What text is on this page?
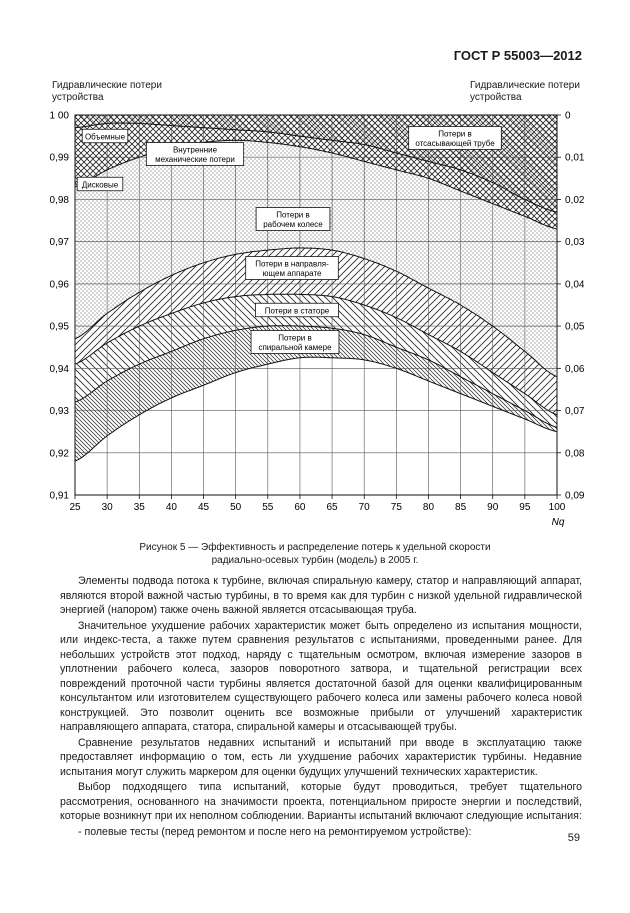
ГОСТ Р 55003—2012
Гидравлические потери
устройства
Гидравлические потери
устройства
0,91
0,92
0,93
0,94
0,95
0,96
0,97
0,98
0,99
1 00
0,09
0,08
0,07
0,06
0,05
0,04
0,03
0,02
0,01
0
25 30 35 40 45 50 55 60 65 70 75 80 85 90 95 100
Nq
Объемные
Внутренние
механические потери
Дисковые
Потери в
отсасывающей трубе
Потери в
рабочем колесе
Потери в направля-
ющем аппарате
Потери в статоре
Потери в
спиральной камере
Рисунок 5 — Эффективность и распределение потерь к удельной скорости
радиально-осевых турбин (модель) в 2005 г.

Элементы подвода потока к турбине, включая спиральную камеру, статор и направляющий аппарат, являются второй важной частью турбины, в то время как для турбин с низкой удельной гидравлической энергией (напором) также очень важной является отсасывающая труба.

Значительное ухудшение рабочих характеристик может быть определено из испытания мощности, или индекс-теста, а также путем сравнения результатов с испытаниями, проведенными ранее. Для небольших устройств этот подход, наряду с тщательным осмотром, включая измерение зазоров в уплотнении рабочего колеса, зазоров поворотного затвора, и тщательной регистрации всех повреждений проточной части турбины является достаточной базой для оценки квалифицированным консультантом или изготовителем существующего рабочего колеса или замены рабочего колеса новой конструкцией. Это позволит оценить все возможные прибыли от улучшений характеристик направляющего аппарата, статора, спиральной камеры и отсасывающей трубы.

Сравнение результатов недавних испытаний и испытаний при вводе в эксплуатацию также предоставляет информацию о том, есть ли ухудшение рабочих характеристик турбины. Недавние испытания могут служить маркером для оценки будущих улучшений технических характеристик.

Выбор подходящего типа испытаний, которые будут проводиться, требует тщательного рассмотрения, основанного на значимости проекта, потенциальном приросте энергии и последствий, которые возникнут при их неполном соблюдении. Варианты испытаний включают следующие испытания:

- полевые тесты (перед ремонтом и после него на ремонтируемом устройстве):

59
